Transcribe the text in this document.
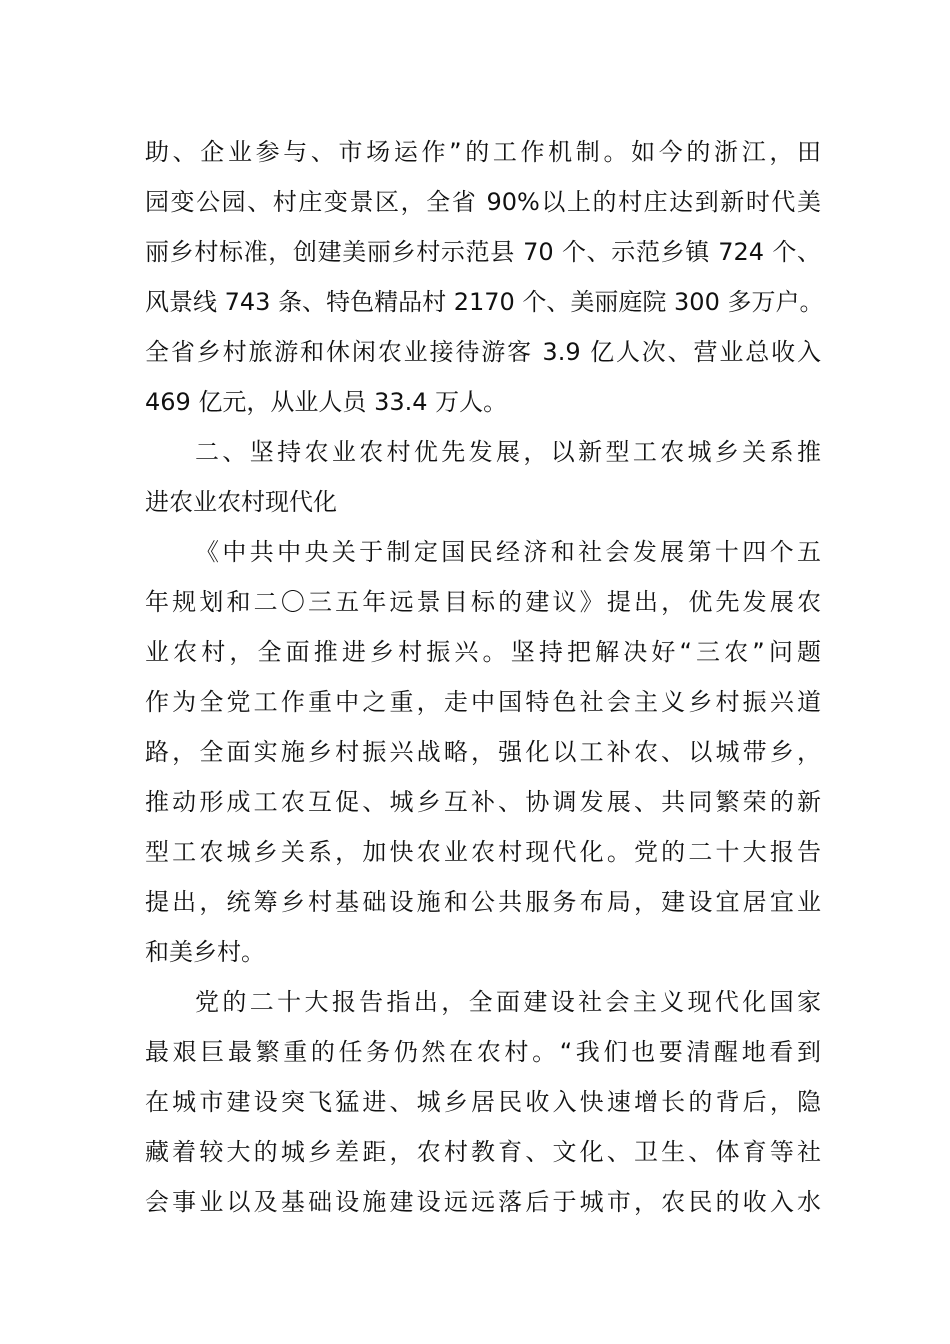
助、企业参与、市场运作”的工作机制。如今的浙江，田
园变公园、村庄变景区，全省 90%以上的村庄达到新时代美
丽乡村标准，创建美丽乡村示范县 70 个、示范乡镇 724 个、
风景线 743 条、特色精品村 2170 个、美丽庭院 300 多万户。
全省乡村旅游和休闲农业接待游客 3.9 亿人次、营业总收入
469 亿元，从业人员 33.4 万人。
二、坚持农业农村优先发展，以新型工农城乡关系推
进农业农村现代化
《中共中央关于制定国民经济和社会发展第十四个五
年规划和二〇三五年远景目标的建议》提出，优先发展农
业农村，全面推进乡村振兴。坚持把解决好“三农”问题
作为全党工作重中之重，走中国特色社会主义乡村振兴道
路，全面实施乡村振兴战略，强化以工补农、以城带乡，
推动形成工农互促、城乡互补、协调发展、共同繁荣的新
型工农城乡关系，加快农业农村现代化。党的二十大报告
提出，统筹乡村基础设施和公共服务布局，建设宜居宜业
和美乡村。
党的二十大报告指出，全面建设社会主义现代化国家
最艰巨最繁重的任务仍然在农村。“我们也要清醒地看到
在城市建设突飞猛进、城乡居民收入快速增长的背后，隐
藏着较大的城乡差距，农村教育、文化、卫生、体育等社
会事业以及基础设施建设远远落后于城市，农民的收入水
